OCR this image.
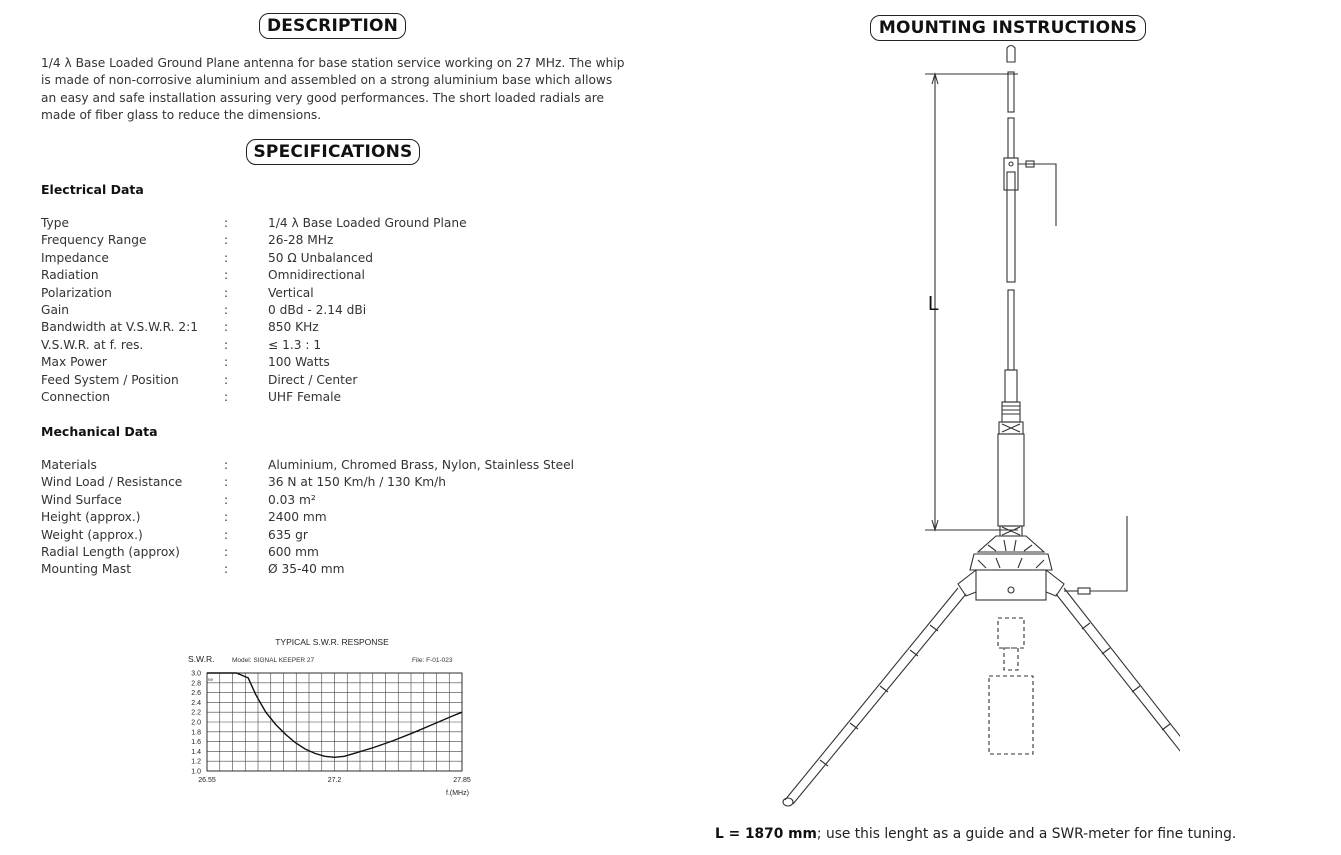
DESCRIPTION
1/4 λ Base Loaded Ground Plane antenna for base station service working on 27 MHz. The whip is made of non-corrosive aluminium and assembled on a strong aluminium base which allows an easy and safe installation assuring very good performances. The short loaded radials are made of fiber glass to reduce the dimensions.
SPECIFICATIONS
Electrical Data
Type	:	1/4 λ Base Loaded Ground Plane
Frequency Range	:	26-28 MHz
Impedance	:	50 Ω Unbalanced
Radiation	:	Omnidirectional
Polarization	:	Vertical
Gain	:	0 dBd - 2.14 dBi
Bandwidth at V.S.W.R. 2:1 :	850 KHz
V.S.W.R. at f. res.	:	≤ 1.3 : 1
Max Power	:	100 Watts
Feed System / Position	:	Direct / Center
Connection	:	UHF Female
Mechanical Data
Materials	:	Aluminium, Chromed Brass, Nylon, Stainless Steel
Wind Load / Resistance	:	36 N at 150 Km/h / 130 Km/h
Wind Surface	:	0.03 m²
Height (approx.)	:	2400 mm
Weight (approx.)	:	635 gr
Radial Length (approx)	:	600 mm
Mounting Mast	:	Ø 35-40 mm
TYPICAL S.W.R. RESPONSE
S.W.R.	Model: SIGNAL KEEPER 27	File: F-01-023
ne
3.0
2.8
2.6
2.4
2.2
2.0
1.8
1.6
1.4
1.2
1.0
26.55	27.2	27.85
f.(MHz)
MOUNTING INSTRUCTIONS
L
L = 1870 mm; use this lenght as a guide and a SWR-meter for fine tuning.
